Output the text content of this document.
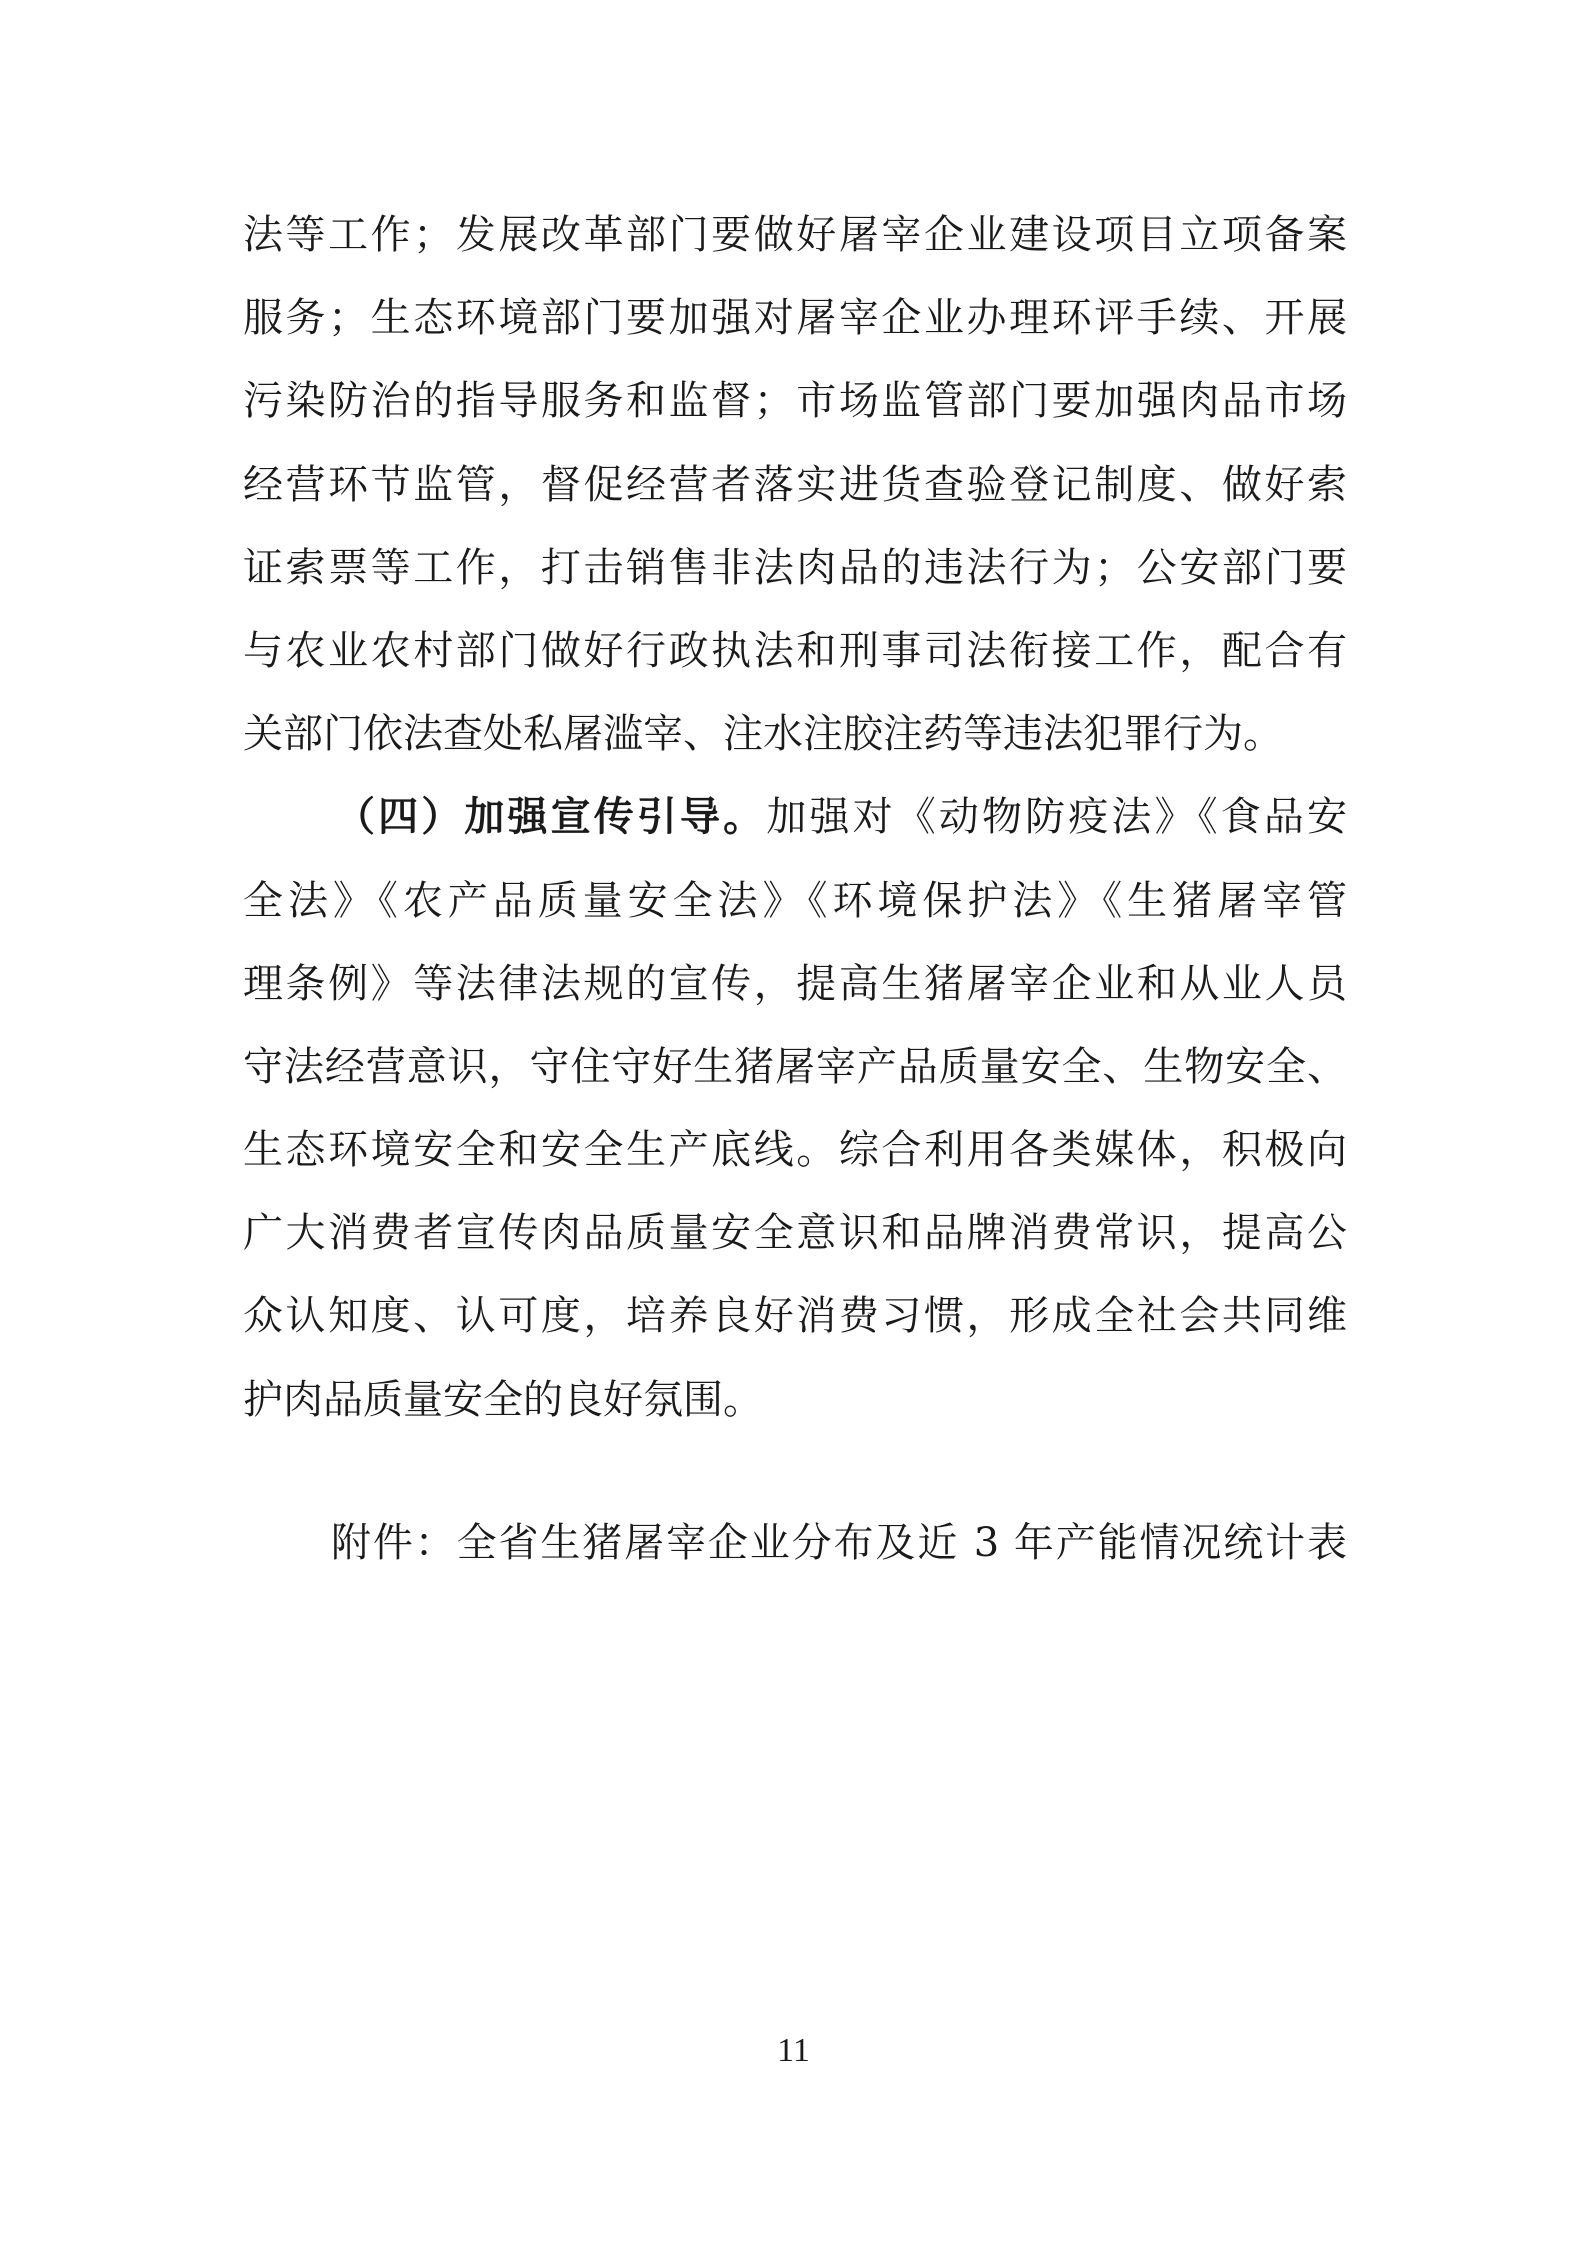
法等工作；发展改革部门要做好屠宰企业建设项目立项备案
服务；生态环境部门要加强对屠宰企业办理环评手续、开展
污染防治的指导服务和监督；市场监管部门要加强肉品市场
经营环节监管，督促经营者落实进货查验登记制度、做好索
证索票等工作，打击销售非法肉品的违法行为；公安部门要
与农业农村部门做好行政执法和刑事司法衔接工作，配合有
关部门依法查处私屠滥宰、注水注胶注药等违法犯罪行为。
（四）加强宣传引导。加强对《动物防疫法》《食品安
全法》《农产品质量安全法》《环境保护法》《生猪屠宰管
理条例》等法律法规的宣传，提高生猪屠宰企业和从业人员
守法经营意识，守住守好生猪屠宰产品质量安全、生物安全、
生态环境安全和安全生产底线。综合利用各类媒体，积极向
广大消费者宣传肉品质量安全意识和品牌消费常识，提高公
众认知度、认可度，培养良好消费习惯，形成全社会共同维
护肉品质量安全的良好氛围。
附件：全省生猪屠宰企业分布及近 3 年产能情况统计表
11
